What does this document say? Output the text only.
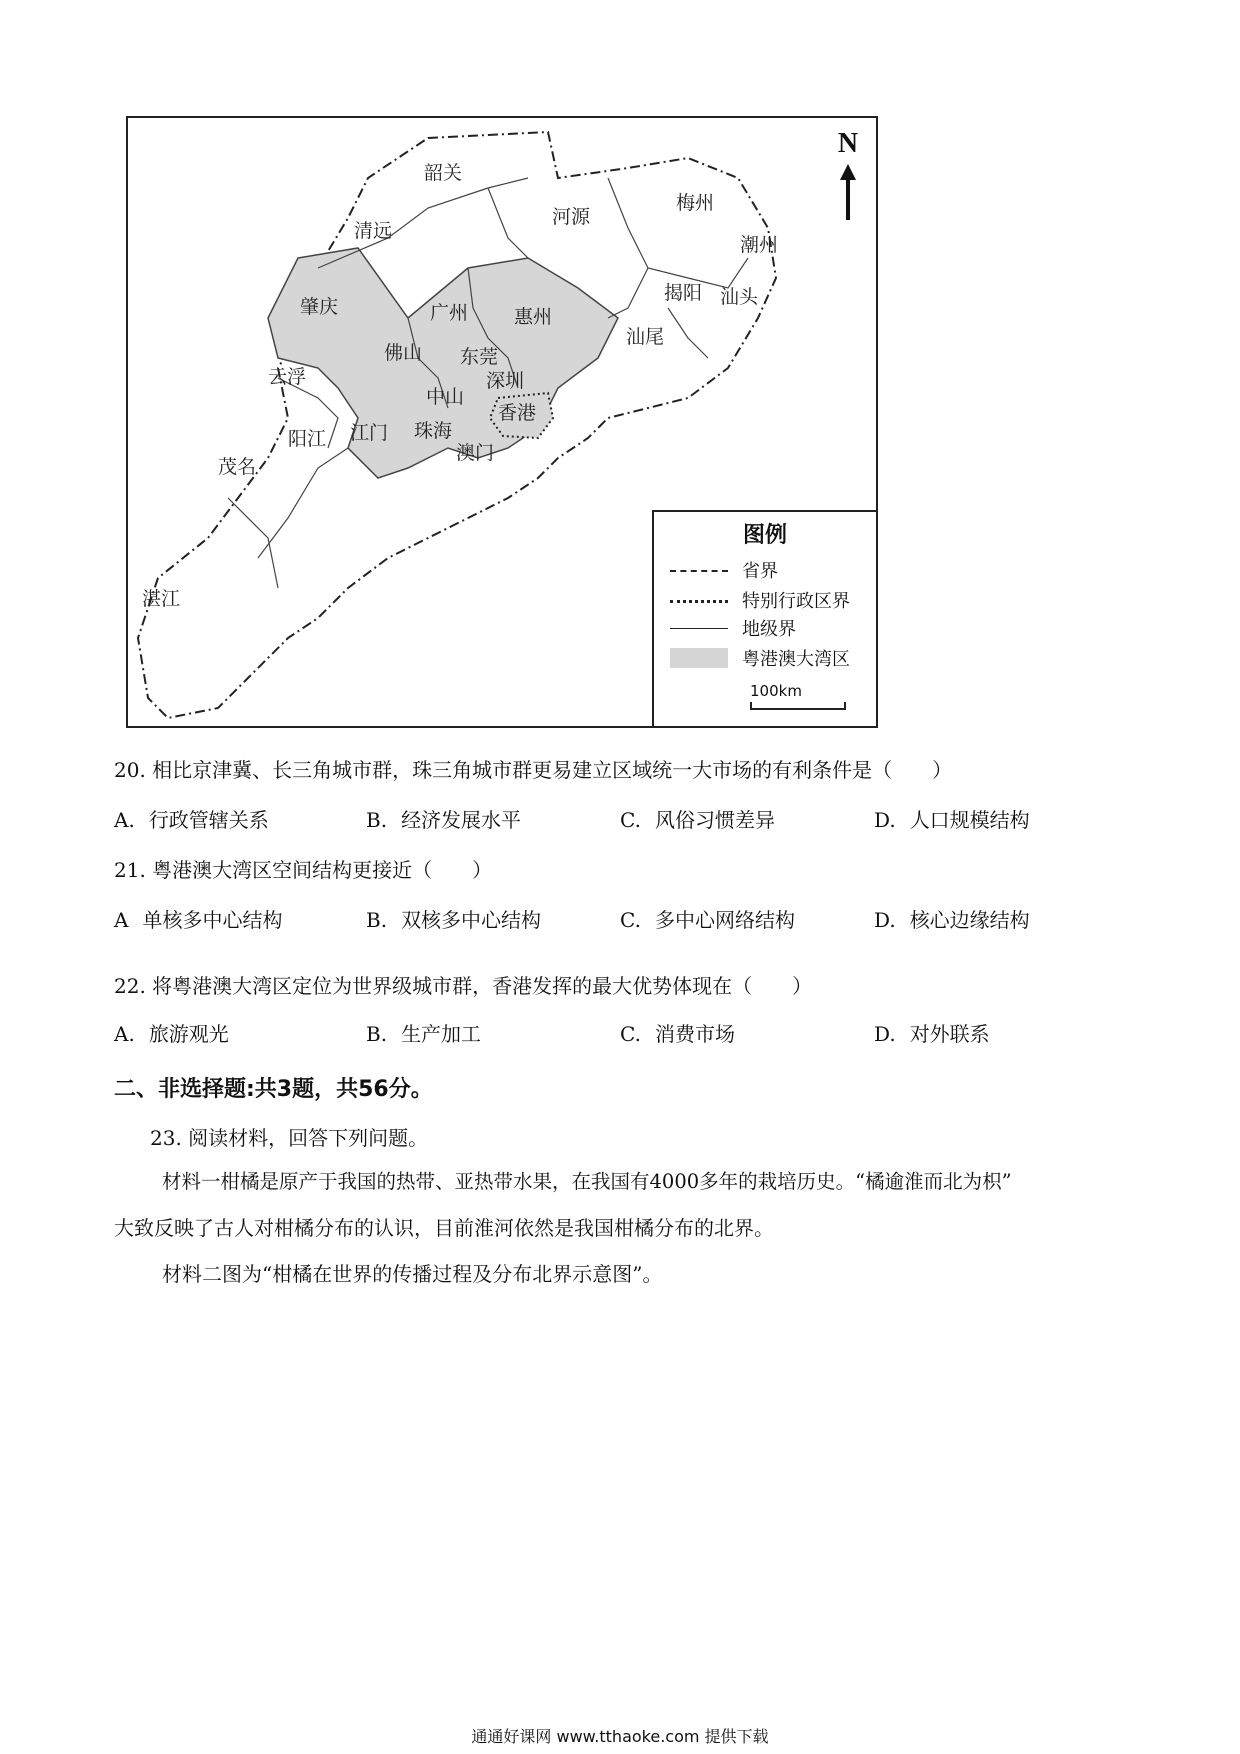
韶关
清远
河源
梅州
潮州
肇庆	广州 惠州
揭阳 汕头
汕尾
佛山 东莞
深圳
云浮
中山
香港
江门 珠海
澳门
阳江
茂名
湛江
N
图例
省界
特别行政区界
地级界
粤港澳大湾区
100km
20. 相比京津冀、长三角城市群，珠三角城市群更易建立区域统一大市场的有利条件是（　　）
A. 行政管辖关系	B. 经济发展水平	C. 风俗习惯差异	D. 人口规模结构
21. 粤港澳大湾区空间结构更接近（　　）
A 单核多中心结构	B. 双核多中心结构	C. 多中心网络结构	D. 核心边缘结构
22. 将粤港澳大湾区定位为世界级城市群，香港发挥的最大优势体现在（　　）
A. 旅游观光	B. 生产加工	C. 消费市场	D. 对外联系
二、非选择题:共3题，共56分。
23. 阅读材料，回答下列问题。
材料一柑橘是原产于我国的热带、亚热带水果，在我国有4000多年的栽培历史。“橘逾淮而北为枳”
大致反映了古人对柑橘分布的认识，目前淮河依然是我国柑橘分布的北界。
材料二图为“柑橘在世界的传播过程及分布北界示意图”。
通通好课网 www.tthaoke.com 提供下载
